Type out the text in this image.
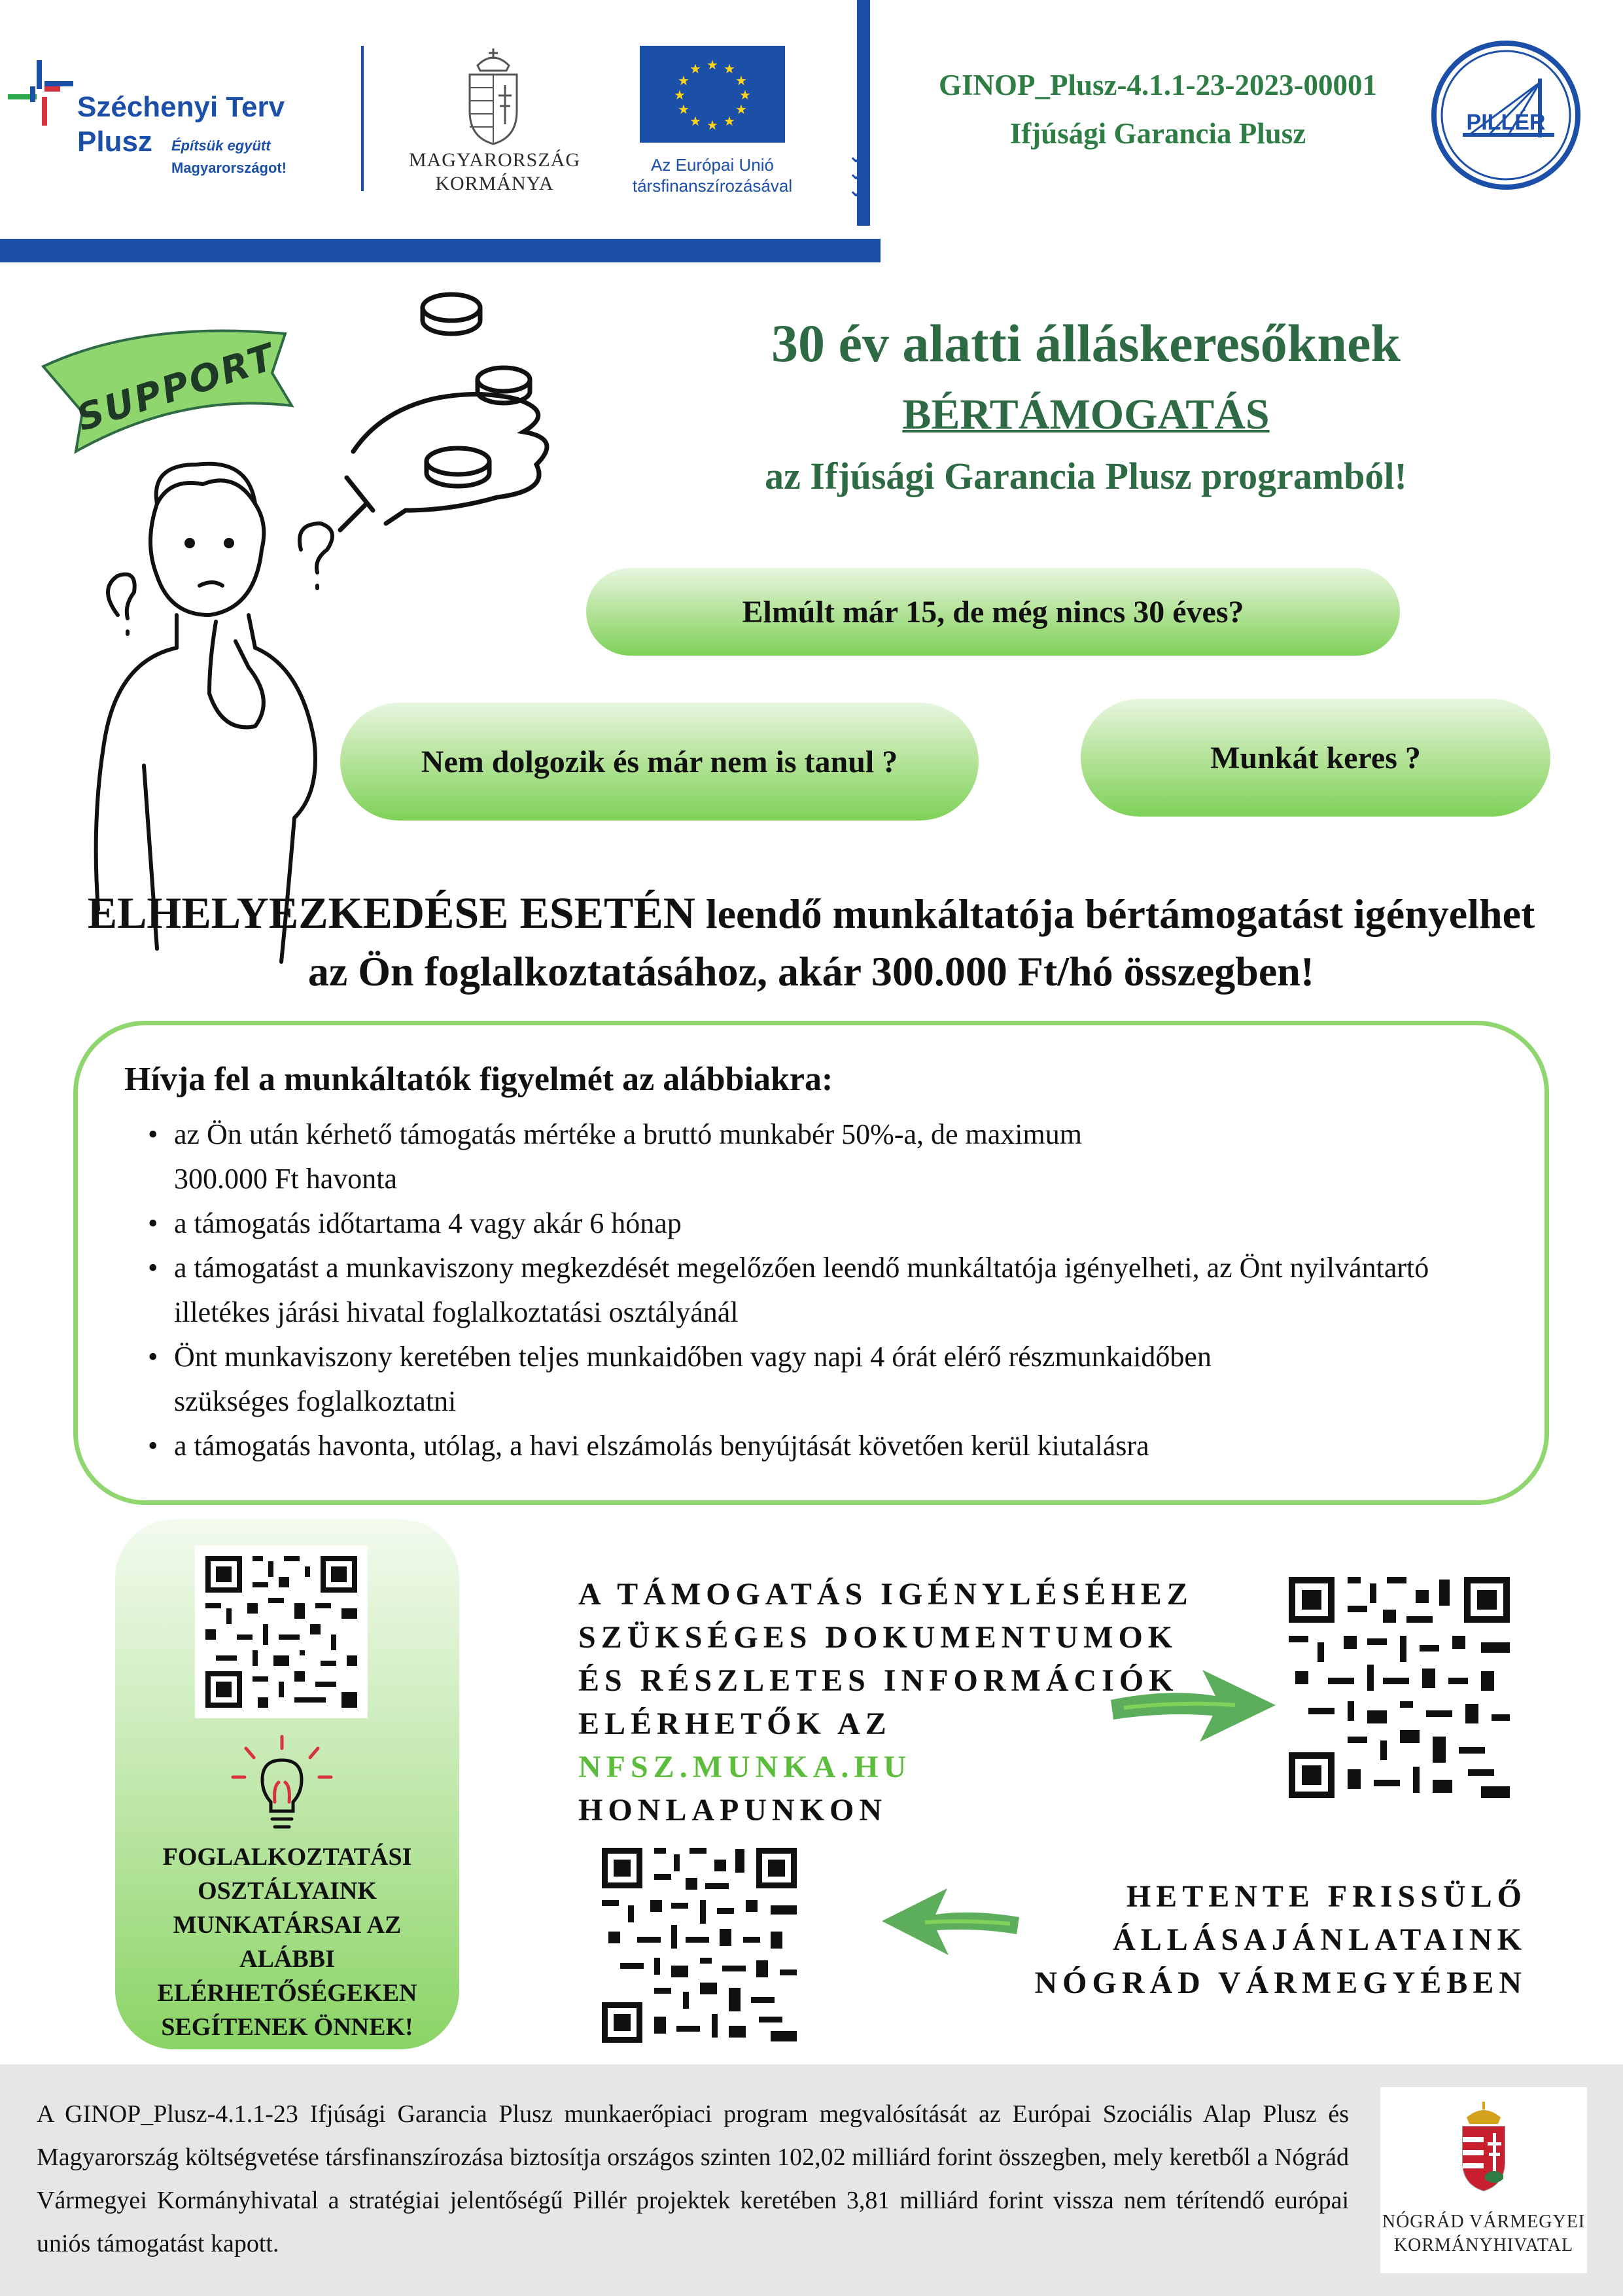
Széchenyi Terv
Plusz Építsük együtt
Magyarországot!	MAGYARORSZÁG
KORMÁNYA
★ ★
★
★
★
★
★
★
★
★
★
★
Az Európai Unió
társfinanszírozásával
⌄
⌄
⌄
»»»
GINOP_Plusz-4.1.1-23-2023-00001
Ifjúsági Garancia Plusz	PILLÉR
SUPPORT	30 év alatti álláskeresőknek
BÉRTÁMOGATÁS
az Ifjúsági Garancia Plusz programból!
Elmúlt már 15, de még nincs 30 éves?
Nem dolgozik és már nem is tanul ?	Munkát keres ?
ELHELYEZKEDÉSE ESETÉN leendő munkáltatója bértámogatást igényelhet
az Ön foglalkoztatásához, akár 300.000 Ft/hó összegben!
Hívja fel a munkáltatók figyelmét az alábbiakra:
• az Ön után kérhető támogatás mértéke a bruttó munkabér 50%-a, de maximum 300.000 Ft havonta
• a támogatás időtartama 4 vagy akár 6 hónap
• a támogatást a munkaviszony megkezdését megelőzően leendő munkáltatója igényelheti, az Önt nyilvántartó illetékes járási hivatal foglalkoztatási osztályánál
• Önt munkaviszony keretében teljes munkaidőben vagy napi 4 órát elérő részmunkaidőben szükséges foglalkoztatni
• a támogatás havonta, utólag, a havi elszámolás benyújtását követően kerül kiutalásra
FOGLALKOZTATÁSI OSZTÁLYAINK MUNKATÁRSAI AZ ALÁBBI ELÉRHETŐSÉGEKEN SEGÍTENEK ÖNNEK!
A TÁMOGATÁS IGÉNYLÉSÉHEZ SZÜKSÉGES DOKUMENTUMOK ÉS RÉSZLETES INFORMÁCIÓK ELÉRHETŐK AZ NFSZ.MUNKA.HU HONLAPUNKON
HETENTE FRISSÜLŐ
ÁLLÁSAJÁNLATAINK
NÓGRÁD VÁRMEGYÉBEN
A GINOP_Plusz-4.1.1-23 Ifjúsági Garancia Plusz munkaerőpiaci program megvalósítását az Európai Szociális Alap Plusz és Magyarország költségvetése társfinanszírozása biztosítja országos szinten 102,02 milliárd forint összegben, mely keretből a Nógrád Vármegyei Kormányhivatal a stratégiai jelentőségű Pillér projektek keretében 3,81 milliárd forint vissza nem térítendő európai uniós támogatást kapott.
NÓGRÁD VÁRMEGYEI
KORMÁNYHIVATAL
